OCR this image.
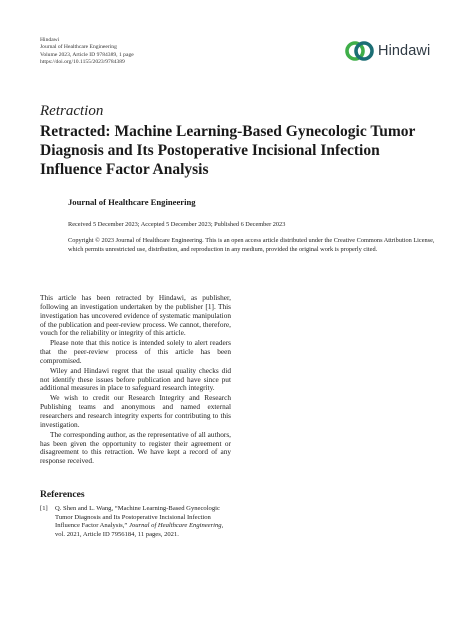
Hindawi
Journal of Healthcare Engineering
Volume 2023, Article ID 9784389, 1 page
https://doi.org/10.1155/2023/9784389
Hindawi
Retraction
Retracted: Machine Learning-Based Gynecologic Tumor Diagnosis and Its Postoperative Incisional Infection Influence Factor Analysis
Journal of Healthcare Engineering
Received 5 December 2023; Accepted 5 December 2023; Published 6 December 2023
Copyright © 2023 Journal of Healthcare Engineering. This is an open access article distributed under the Creative Commons Attribution License, which permits unrestricted use, distribution, and reproduction in any medium, provided the original work is properly cited.

This article has been retracted by Hindawi, as publisher, following an investigation undertaken by the publisher [1]. This investigation has uncovered evidence of systematic manipulation of the publication and peer-review process. We cannot, therefore, vouch for the reliability or integrity of this article.

Please note that this notice is intended solely to alert readers that the peer-review process of this article has been compromised.

Wiley and Hindawi regret that the usual quality checks did not identify these issues before publication and have since put additional measures in place to safeguard research integrity.

We wish to credit our Research Integrity and Research Publishing teams and anonymous and named external researchers and research integrity experts for contributing to this investigation.

The corresponding author, as the representative of all authors, has been given the opportunity to register their agreement or disagreement to this retraction. We have kept a record of any response received.

References
[1]	Q. Shen and L. Wang, “Machine Learning-Based Gynecologic Tumor Diagnosis and Its Postoperative Incisional Infection Influence Factor Analysis,” Journal of Healthcare Engineering, vol. 2021, Article ID 7956184, 11 pages, 2021.
